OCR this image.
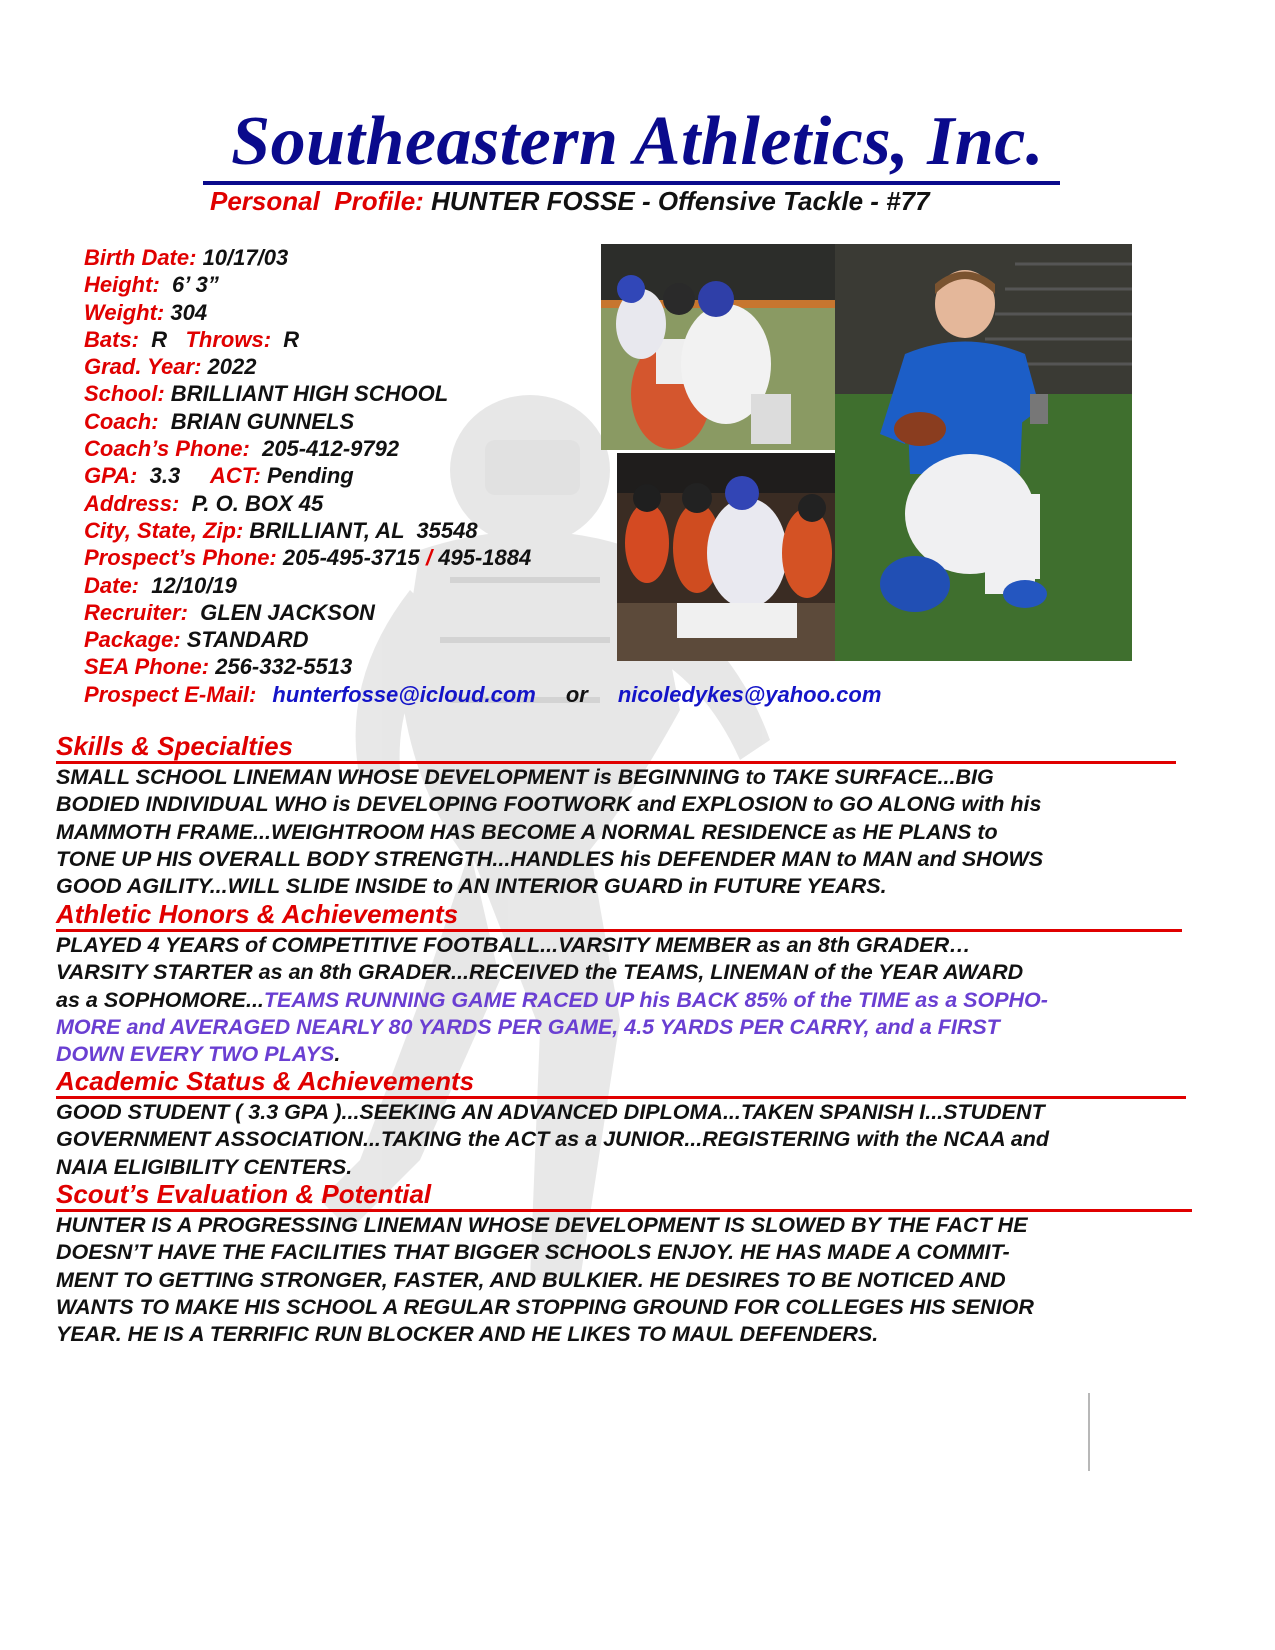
Southeastern Athletics, Inc.
Personal  Profile: HUNTER FOSSE - Offensive Tackle - #77
Birth Date: 10/17/03
Height:  6’ 3”
Weight: 304
Bats:  R   Throws:  R
Grad. Year: 2022
School: BRILLIANT HIGH SCHOOL
Coach:  BRIAN GUNNELS
Coach’s Phone:  205-412-9792
GPA:  3.3     ACT: Pending
Address:  P. O. BOX 45
City, State, Zip: BRILLIANT, AL  35548
Prospect’s Phone: 205-495-3715 / 495-1884
Date:  12/10/19
Recruiter:  GLEN JACKSON
Package: STANDARD
SEA Phone: 256-332-5513
Prospect E-Mail: hunterfosse@icloud.com or nicoledykes@yahoo.com
Skills & Specialties
SMALL SCHOOL LINEMAN WHOSE DEVELOPMENT is BEGINNING to TAKE SURFACE...BIG
BODIED INDIVIDUAL WHO is DEVELOPING FOOTWORK and EXPLOSION to GO ALONG with his
MAMMOTH FRAME...WEIGHTROOM HAS BECOME A NORMAL RESIDENCE as HE PLANS to
TONE UP HIS OVERALL BODY STRENGTH...HANDLES his DEFENDER MAN to MAN and SHOWS
GOOD AGILITY...WILL SLIDE INSIDE to AN INTERIOR GUARD in FUTURE YEARS.
Athletic Honors & Achievements
PLAYED 4 YEARS of COMPETITIVE FOOTBALL...VARSITY MEMBER as an 8th GRADER…
VARSITY STARTER as an 8th GRADER...RECEIVED the TEAMS, LINEMAN of the YEAR AWARD
as a SOPHOMORE...TEAMS RUNNING GAME RACED UP his BACK 85% of the TIME as a SOPHO-
MORE and AVERAGED NEARLY 80 YARDS PER GAME, 4.5 YARDS PER CARRY, and a FIRST
DOWN EVERY TWO PLAYS.
Academic Status & Achievements
GOOD STUDENT ( 3.3 GPA )...SEEKING AN ADVANCED DIPLOMA...TAKEN SPANISH I...STUDENT
GOVERNMENT ASSOCIATION...TAKING the ACT as a JUNIOR...REGISTERING with the NCAA and
NAIA ELIGIBILITY CENTERS.
Scout’s Evaluation & Potential
HUNTER IS A PROGRESSING LINEMAN WHOSE DEVELOPMENT IS SLOWED BY THE FACT HE
DOESN’T HAVE THE FACILITIES THAT BIGGER SCHOOLS ENJOY. HE HAS MADE A COMMIT-
MENT TO GETTING STRONGER, FASTER, AND BULKIER. HE DESIRES TO BE NOTICED AND
WANTS TO MAKE HIS SCHOOL A REGULAR STOPPING GROUND FOR COLLEGES HIS SENIOR
YEAR. HE IS A TERRIFIC RUN BLOCKER AND HE LIKES TO MAUL DEFENDERS.
